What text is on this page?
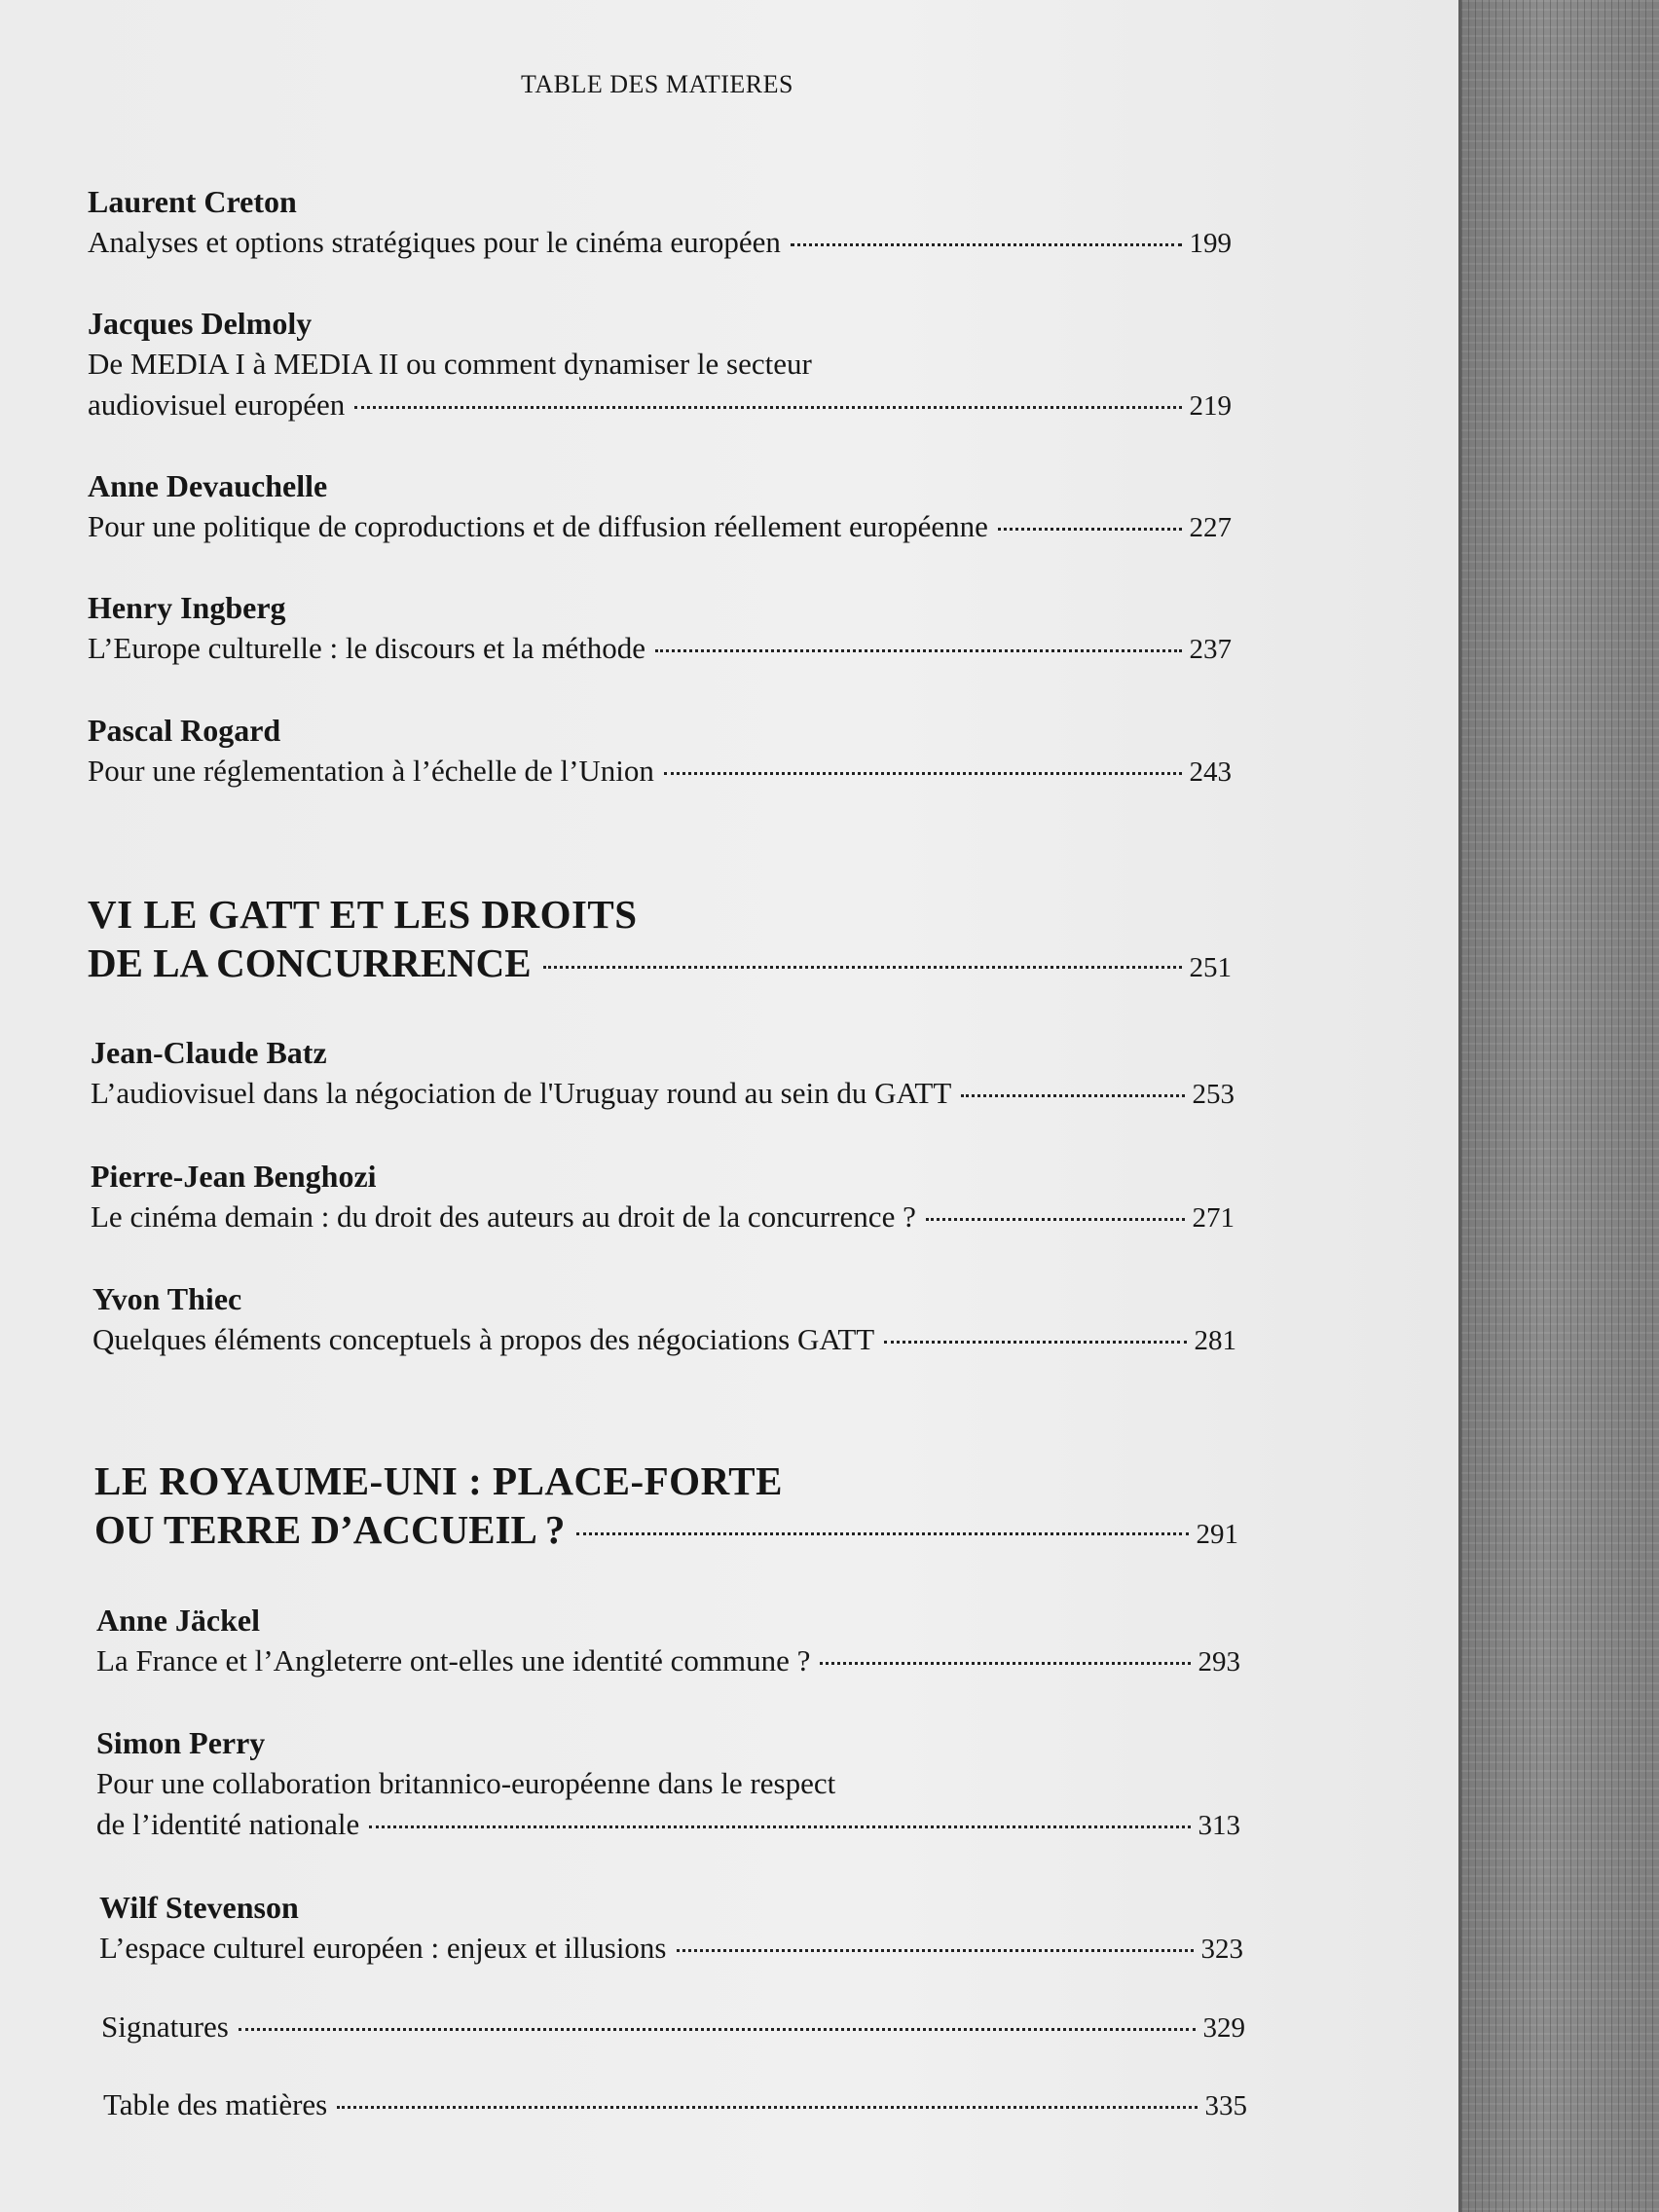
TABLE DES MATIERES
Laurent Creton
Analyses et options stratégiques pour le cinéma européen	199
Jacques Delmoly
De MEDIA I à MEDIA II ou comment dynamiser le secteur
audiovisuel européen	219
Anne Devauchelle
Pour une politique de coproductions et de diffusion réellement européenne	227
Henry Ingberg
L’Europe culturelle : le discours et la méthode	237
Pascal Rogard
Pour une réglementation à l’échelle de l’Union	243
VI LE GATT ET LES DROITS
DE LA CONCURRENCE	251
Jean-Claude Batz
L’audiovisuel dans la négociation de l'Uruguay round au sein du GATT	253
Pierre-Jean Benghozi
Le cinéma demain : du droit des auteurs au droit de la concurrence ?	271
Yvon Thiec
Quelques éléments conceptuels à propos des négociations GATT	281
LE ROYAUME-UNI : PLACE-FORTE
OU TERRE D’ACCUEIL ?	291
Anne Jäckel
La France et l’Angleterre ont-elles une identité commune ?	293
Simon Perry
Pour une collaboration britannico-européenne dans le respect
de l’identité nationale	313
Wilf Stevenson
L’espace culturel européen : enjeux et illusions	323
Signatures	329
Table des matières	335
